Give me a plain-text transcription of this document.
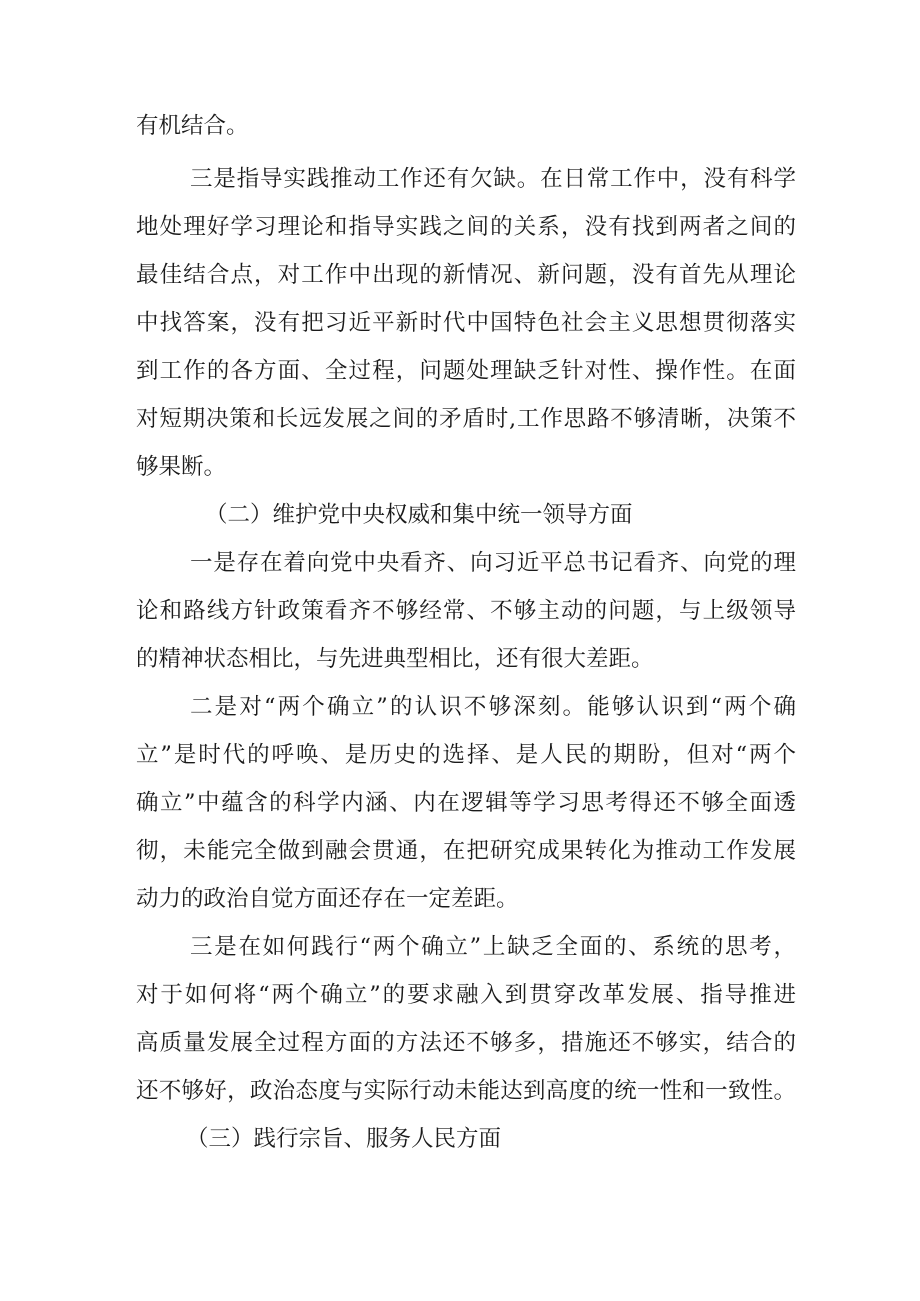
有机结合。
三是指导实践推动工作还有欠缺。在日常工作中，没有科学
地处理好学习理论和指导实践之间的关系，没有找到两者之间的
最佳结合点，对工作中出现的新情况、新问题，没有首先从理论
中找答案，没有把习近平新时代中国特色社会主义思想贯彻落实
到工作的各方面、全过程，问题处理缺乏针对性、操作性。在面
对短期决策和长远发展之间的矛盾时,工作思路不够清晰，决策不
够果断。
（二）维护党中央权威和集中统一领导方面
一是存在着向党中央看齐、向习近平总书记看齐、向党的理
论和路线方针政策看齐不够经常、不够主动的问题，与上级领导
的精神状态相比，与先进典型相比，还有很大差距。
二是对“两个确立”的认识不够深刻。能够认识到“两个确
立”是时代的呼唤、是历史的选择、是人民的期盼，但对“两个
确立”中蕴含的科学内涵、内在逻辑等学习思考得还不够全面透
彻，未能完全做到融会贯通，在把研究成果转化为推动工作发展
动力的政治自觉方面还存在一定差距。
三是在如何践行“两个确立”上缺乏全面的、系统的思考，
对于如何将“两个确立”的要求融入到贯穿改革发展、指导推进
高质量发展全过程方面的方法还不够多，措施还不够实，结合的
还不够好，政治态度与实际行动未能达到高度的统一性和一致性。
（三）践行宗旨、服务人民方面
